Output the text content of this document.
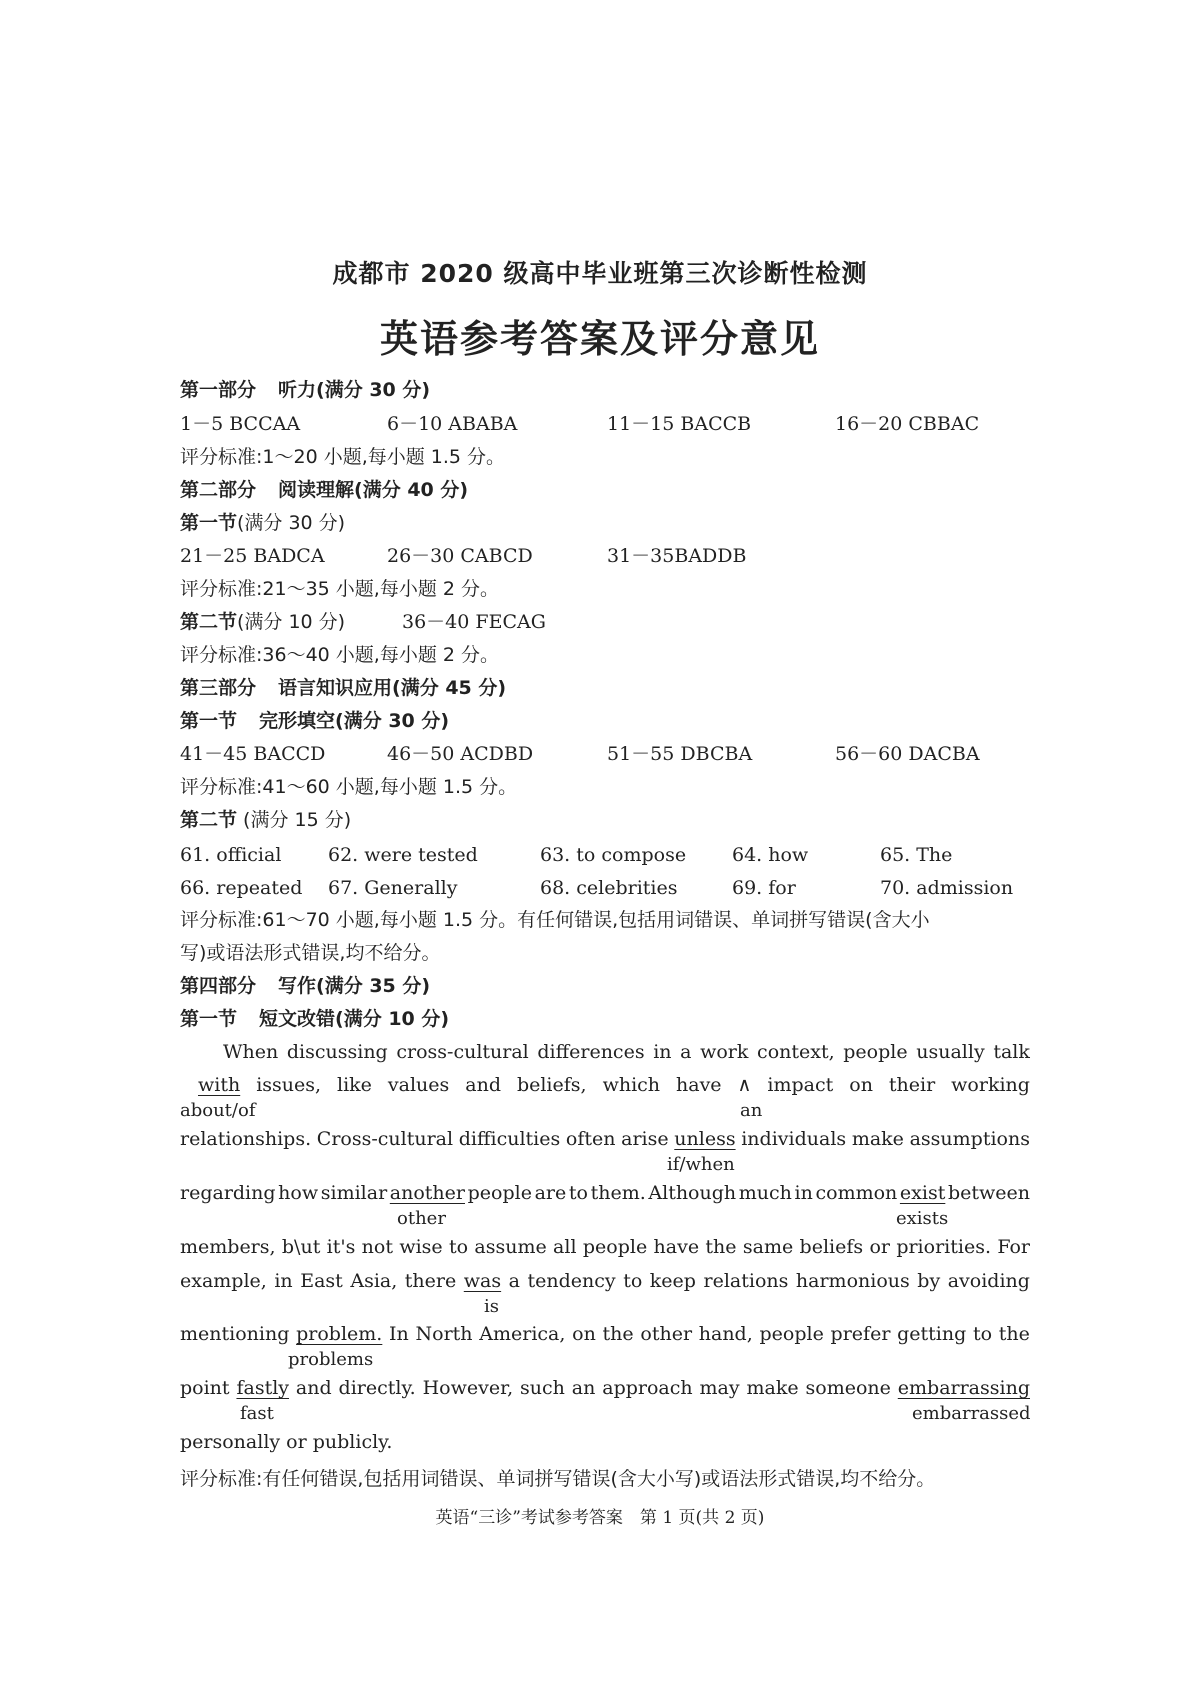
成都市 2020 级高中毕业班第三次诊断性检测
英语参考答案及评分意见
第一部分 听力(满分 30 分)
1－5 BCCAA	6－10 ABABA	11－15 BACCB	16－20 CBBAC
评分标准:1～20 小题,每小题 1.5 分。
第二部分 阅读理解(满分 40 分)
第一节(满分 30 分)
21－25 BADCA	26－30 CABCD	31－35BADDB
评分标准:21～35 小题,每小题 2 分。
第二节(满分 10 分)	36－40 FECAG
评分标准:36～40 小题,每小题 2 分。
第三部分 语言知识应用(满分 45 分)
第一节 完形填空(满分 30 分)
41－45 BACCD	46－50 ACDBD	51－55 DBCBA	56－60 DACBA
评分标准:41～60 小题,每小题 1.5 分。
第二节 (满分 15 分)
61. official 62. were tested	63. to compose 64. how	65. The
66. repeated 67. Generally	68. celebrities	69. for	70. admission
评分标准:61～70 小题,每小题 1.5 分。有任何错误,包括用词错误、单词拼写错误(含大小
写)或语法形式错误,均不给分。
第四部分 写作(满分 35 分)
第一节 短文改错(满分 10 分)
When discussing cross-cultural differences in a work context, people usually talk
with issues, like values and beliefs, which have ∧ impact on their working
about/of	an
relationships. Cross-cultural difficulties often arise unless individuals make assumptions
if/when
regarding how similar another people are to them. Although much in common exist between
other	exists
members, b\ut it's not wise to assume all people have the same beliefs or priorities. For
example, in East Asia, there was a tendency to keep relations harmonious by avoiding
is
mentioning problem. In North America, on the other hand, people prefer getting to the
problems
point fastly and directly. However, such an approach may make someone embarrassing
fast	embarrassed
personally or publicly.
评分标准:有任何错误,包括用词错误、单词拼写错误(含大小写)或语法形式错误,均不给分。
英语“三诊”考试参考答案　第 1 页(共 2 页)
